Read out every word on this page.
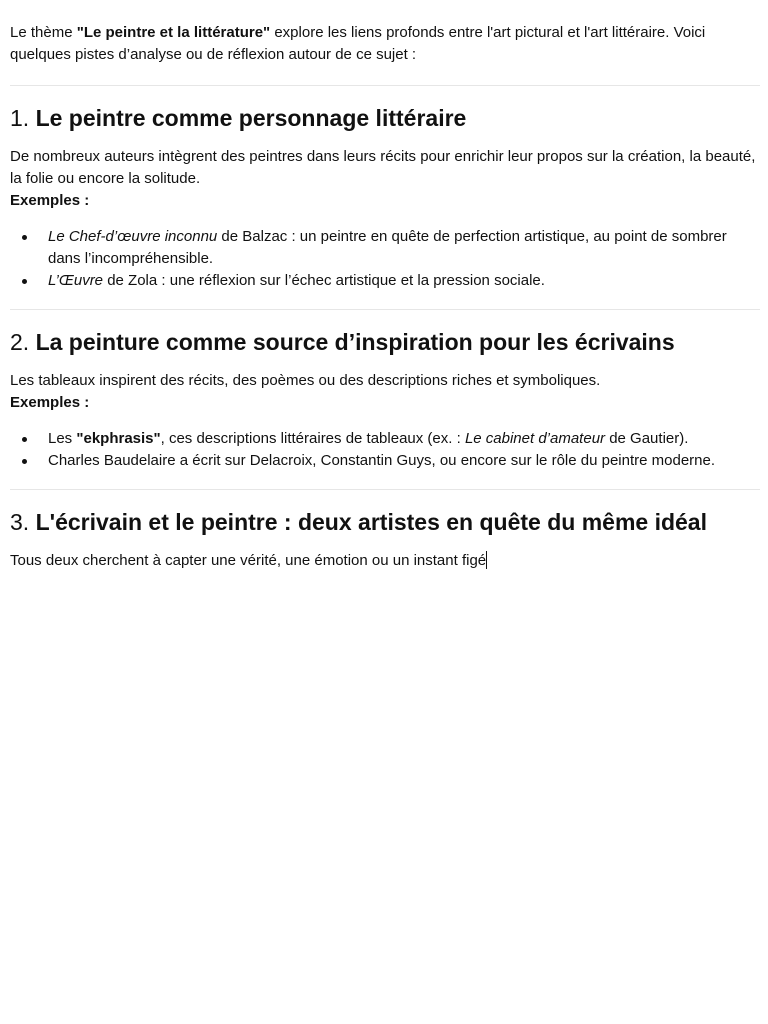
Le thème "Le peintre et la littérature" explore les liens profonds entre l'art pictural et l'art littéraire. Voici quelques pistes d’analyse ou de réflexion autour de ce sujet :

1. Le peintre comme personnage littéraire

De nombreux auteurs intègrent des peintres dans leurs récits pour enrichir leur propos sur la création, la beauté, la folie ou encore la solitude.

Exemples :

Le Chef-d’œuvre inconnu de Balzac : un peintre en quête de perfection artistique, au point de sombrer dans l’incompréhensible.
L’Œuvre de Zola : une réflexion sur l’échec artistique et la pression sociale.
2. La peinture comme source d’inspiration pour les écrivains

Les tableaux inspirent des récits, des poèmes ou des descriptions riches et symboliques.

Exemples :

Les "ekphrasis", ces descriptions littéraires de tableaux (ex. : Le cabinet d’amateur de Gautier).
Charles Baudelaire a écrit sur Delacroix, Constantin Guys, ou encore sur le rôle du peintre moderne.
3. L'écrivain et le peintre : deux artistes en quête du même idéal

Tous deux cherchent à capter une vérité, une émotion ou un instant figé
